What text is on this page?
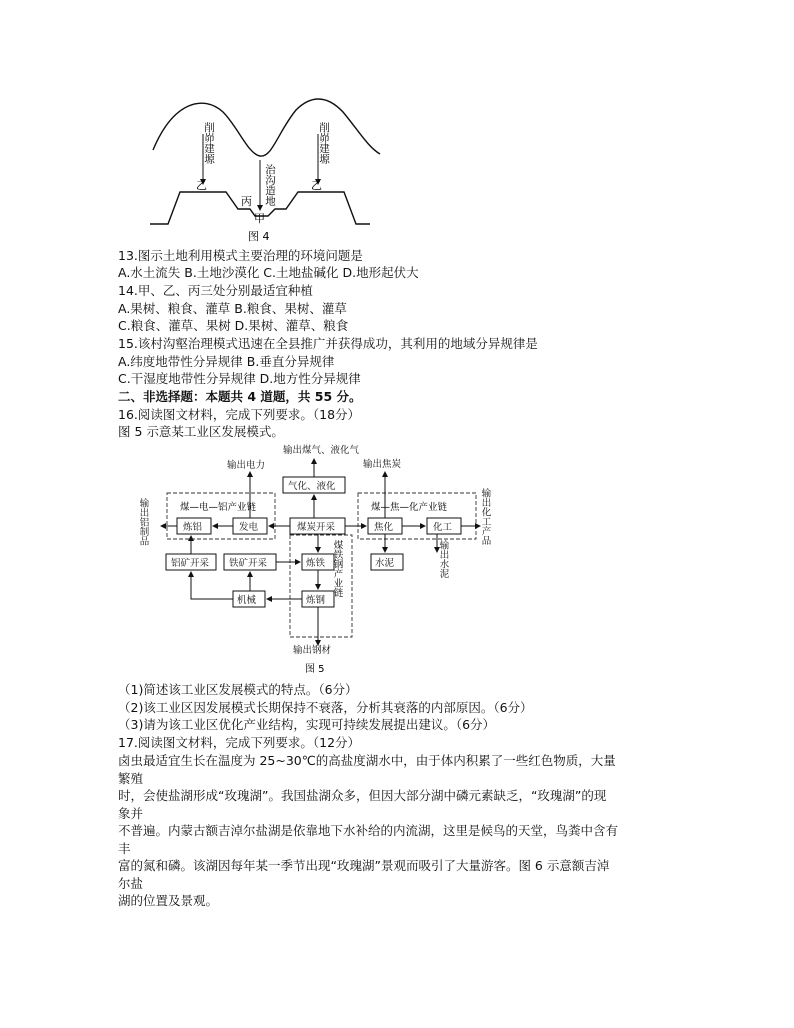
削峁建塬	削峁建塬
治沟造地
乙	乙
丙
甲
图 4
13.图示土地利用模式主要治理的环境问题是
A.水土流失 B.土地沙漠化 C.土地盐碱化 D.地形起伏大
14.甲、乙、丙三处分别最适宜种植
A.果树、粮食、灌草 B.粮食、果树、灌草
C.粮食、灌草、果树 D.果树、灌草、粮食
15.该村沟壑治理模式迅速在全县推广并获得成功，其利用的地域分异规律是
A.纬度地带性分异规律 B.垂直分异规律
C.干湿度地带性分异规律 D.地方性分异规律
二、非选择题：本题共 4 道题，共 55 分。
16.阅读图文材料，完成下列要求。（18分）
图 5 示意某工业区发展模式。
输出煤气、液化气
输出电力	输出焦炭
输出铝制品	输出化工产品
输出水泥
输出钢材
煤—电—铝产业链	煤—焦—化产业链
煤铁钢产业链
气化、液化
炼铝	发电	煤炭开采	焦化	化工
铝矿开采 铁矿开采	炼铁	水泥
机械	炼钢
图 5
（1)简述该工业区发展模式的特点。（6分）
（2)该工业区因发展模式长期保持不衰落，分析其衰落的内部原因。（6分）
（3)请为该工业区优化产业结构，实现可持续发展提出建议。（6分）
17.阅读图文材料，完成下列要求。（12分）
卤虫最适宜生长在温度为 25~30℃的高盐度湖水中，由于体内积累了一些红色物质，大量繁殖
时，会使盐湖形成“玫瑰湖”。我国盐湖众多，但因大部分湖中磷元素缺乏，“玫瑰湖”的现象并
不普遍。内蒙古额吉淖尔盐湖是依靠地下水补给的内流湖，这里是候鸟的天堂，鸟粪中含有丰
富的氮和磷。该湖因每年某一季节出现“玫瑰湖”景观而吸引了大量游客。图 6 示意额吉淖尔盐
湖的位置及景观。
